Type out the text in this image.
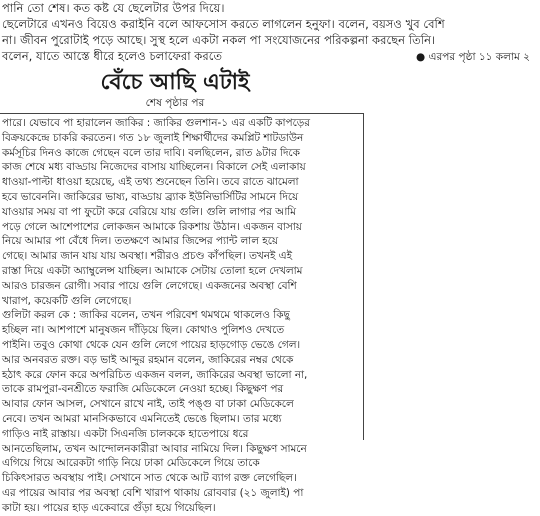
পানি তো শেষ। কত কষ্ট যে ছেলেটার উপর দিয়ে।
ছেলেটারে এখনও বিয়েও করাইনি বলে আফসোস করতে লাগলেন হনুফা। বলেন, বয়সও খুব বেশি
না। জীবন পুরোটাই পড়ে আছে। সুস্থ হলে একটা নকল পা সংযোজনের পরিকল্পনা করছেন তিনি।
বলেন, যাতে আস্তে ধীরে হলেও চলাফেরা করতে	● এরপর পৃষ্ঠা ১১ কলাম ২
বেঁচে আছি এটাই
শেষ পৃষ্ঠার পর
পারে। যেভাবে পা হারালেন জাকির : জাকির গুলশান-১ এর একটি কাপড়ের
বিক্রয়কেন্দ্রে চাকরি করতেন। গত ১৮ জুলাই শিক্ষার্থীদের কমপ্লিট শাটডাউন
কর্মসূচির দিনও কাজে গেছেন বলে তার দাবি। বলছিলেন, রাত ৯টার দিকে
কাজ শেষে মধ্য বাড্ডায় নিজেদের বাসায় যাচ্ছিলেন। বিকালে সেই এলাকায়
ধাওয়া-পাল্টা ধাওয়া হয়েছে, এই তথ্য শুনেছেন তিনি। তবে রাতে ঝামেলা
হবে ভাবেননি। জাকিরের ভাষ্য, বাড্ডায় ব্র্যাক ইউনিভার্সিটির সামনে দিয়ে
যাওয়ার সময় বা পা ফুটো করে বেরিয়ে যায় গুলি। গুলি লাগার পর আমি
পড়ে গেলে আশেপাশের লোকজন আমাকে রিকশায় উঠান। একজন বাসায়
নিয়ে আমার পা বেঁধে দিল। ততক্ষণে আমার জিন্সের প্যান্ট লাল হয়ে
গেছে। আমার জান যায় যায় অবস্থা। শরীরও প্রচণ্ড কাঁপছিল। তখনই এই
রাস্তা দিয়ে একটা অ্যাম্বুলেন্স যাচ্ছিল। আমাকে সেটায় তোলা হলে দেখলাম
আরও চারজন রোগী। সবার পায়ে গুলি লেগেছে। একজনের অবস্থা বেশি
খারাপ, কয়েকটি গুলি লেগেছে।
গুলিটা করল কে : জাকির বলেন, তখন পরিবেশ থমথমে থাকলেও কিছু
হচ্ছিল না। আশপাশে মানুষজন দাঁড়িয়ে ছিল। কোথাও পুলিশও দেখতে
পাইনি। তবুও কোথা থেকে যেন গুলি লেগে পায়ের হাড়গোড় ভেঙে গেল।
আর অনবরত রক্ত। বড় ভাই আব্দুর রহমান বলেন, জাকিরের নম্বর থেকে
হঠাৎ করে ফোন করে অপরিচিত একজন বলল, জাকিরের অবস্থা ভালো না,
তাকে রামপুরা-বনশ্রীতে ফরাজি মেডিকেলে নেওয়া হচ্ছে। কিছুক্ষণ পর
আবার ফোন আসল, সেখানে রাখে নাই, তাই পঙ্গু বা ঢাকা মেডিকেলে
নেবে। তখন আমরা মানসিকভাবে এমনিতেই ভেঙে ছিলাম। তার মধ্যে
গাড়িও নাই রাস্তায়। একটা সিএনজি চালককে হাতেপায়ে ধরে
আনতেছিলাম, তখন আন্দোলনকারীরা আবার নামিয়ে দিল। কিছুক্ষণ সামনে
এগিয়ে গিয়ে আরেকটা গাড়ি নিয়ে ঢাকা মেডিকেলে গিয়ে তাকে
চিকিৎসারত অবস্থায় পাই। সেখানে সাত থেকে আট ব্যাগ রক্ত লেগেছিল।
এর পায়ের আবার পর অবস্থা বেশি খারাপ থাকায় রোববার (২১ জুলাই) পা
কাটা হয়। পায়ের হাড় একেবারে গুঁড়া হয়ে গিয়েছিল।
